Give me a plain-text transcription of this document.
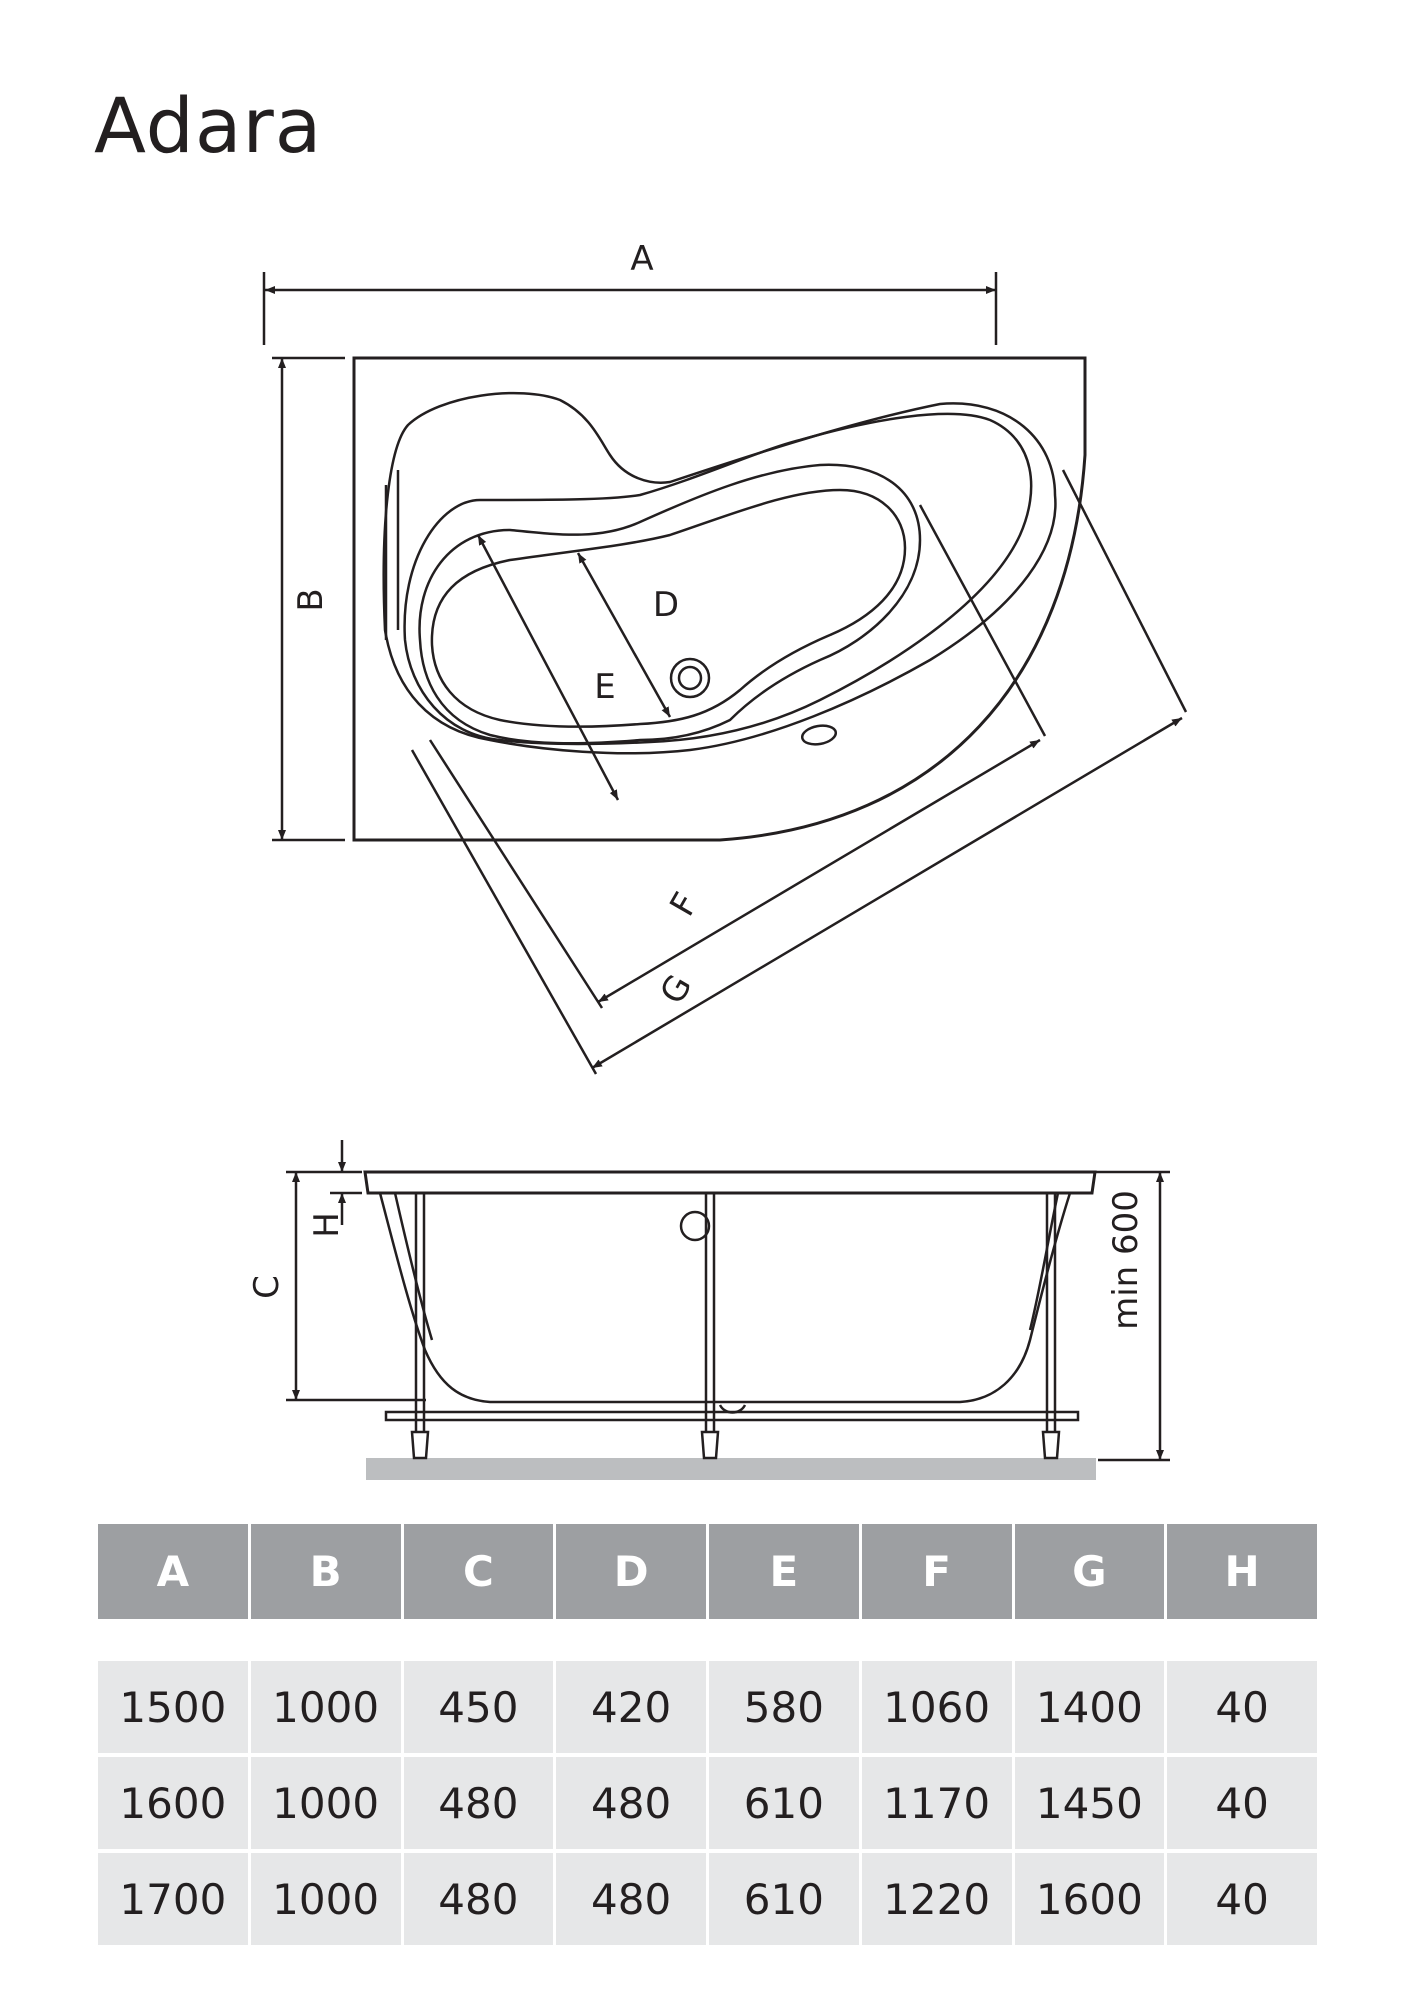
Adara
A
B	D
E
F
G
C
H	min 600
A	B	C	D	E	F	G	H

1500	1000	450	420	580	1060	1400	40
1600	1000	480	480	610	1170	1450	40
1700	1000	480	480	610	1220	1600	40
